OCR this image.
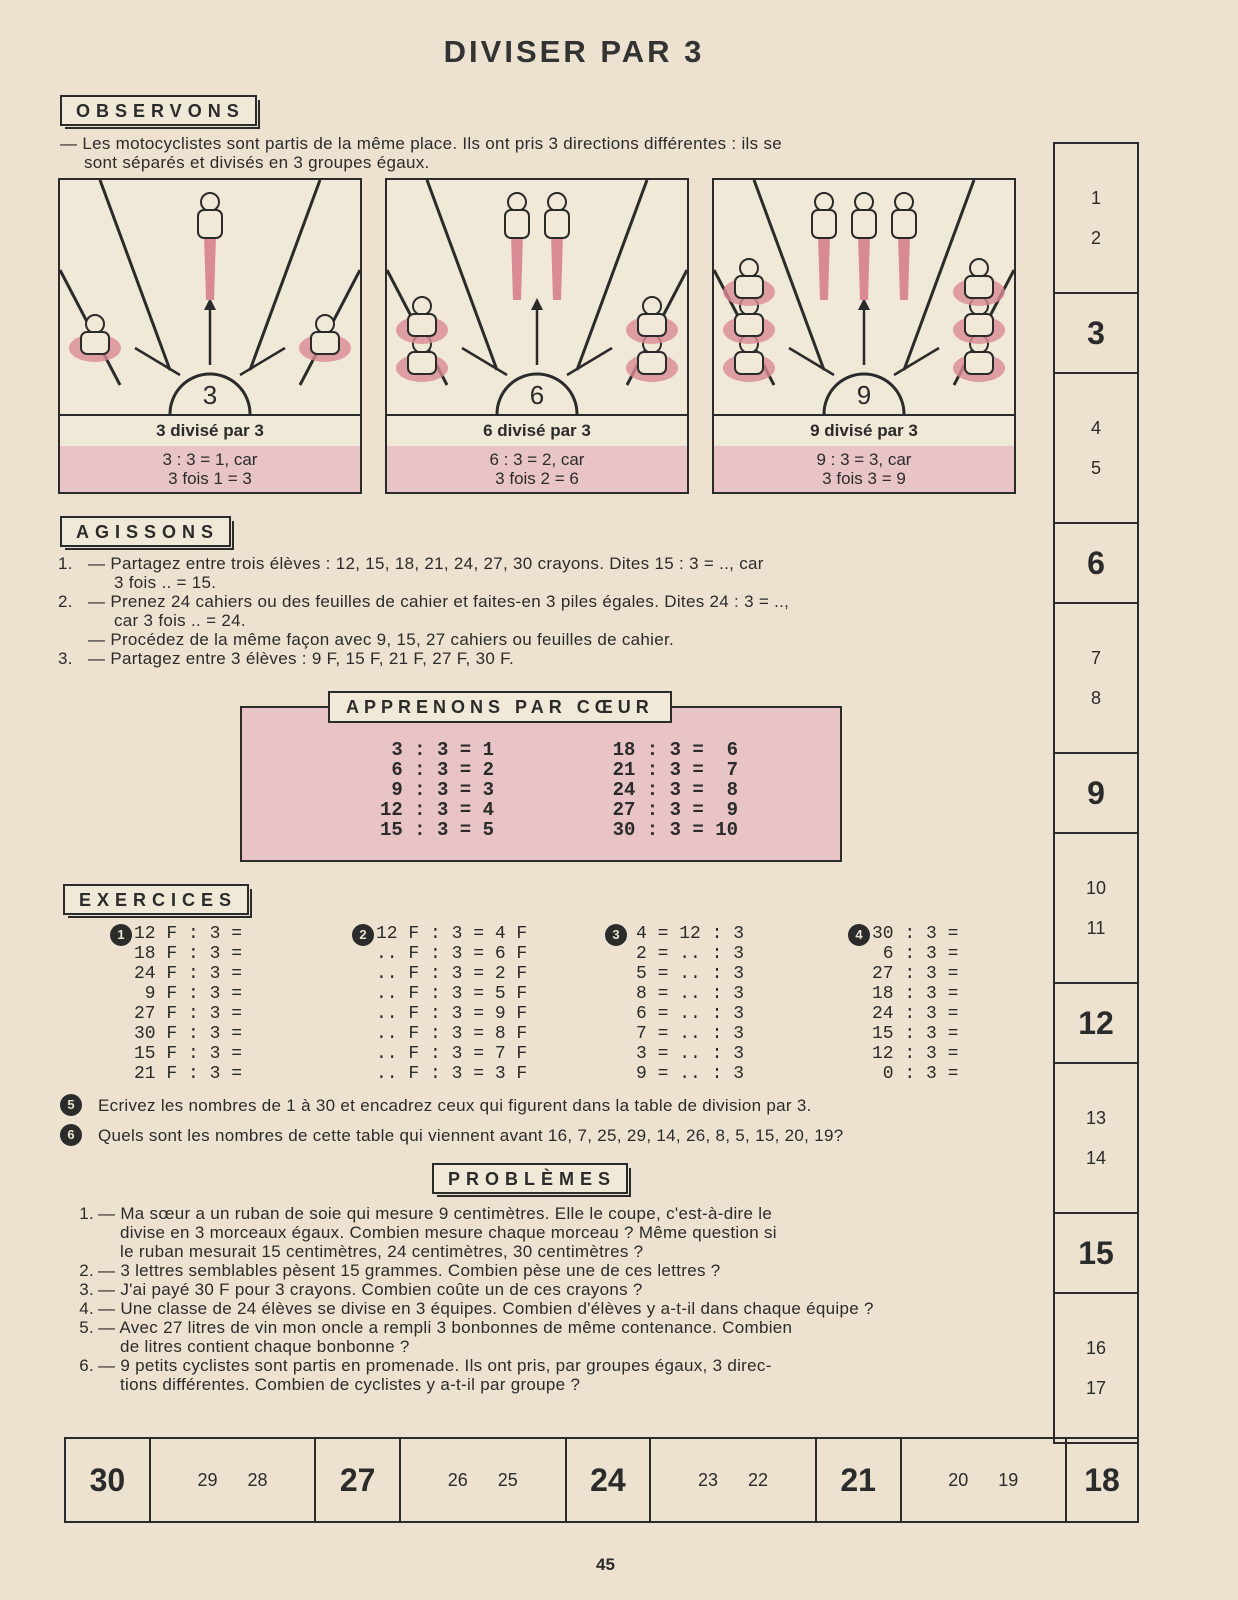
DIVISER PAR 3
OBSERVONS
— Les motocyclistes sont partis de la même place. Ils ont pris 3 directions différentes : ils se
sont séparés et divisés en 3 groupes égaux.
3
3 divisé par 3
3 : 3 = 1, car
3 fois 1 = 3
6
6 divisé par 3
6 : 3 = 2, car
3 fois 2 = 6
9
9 divisé par 3
9 : 3 = 3, car
3 fois 3 = 9
AGISSONS
1. — Partagez entre trois élèves : 12, 15, 18, 21, 24, 27, 30 crayons. Dites 15 : 3 = .., car
3 fois .. = 15.
2. — Prenez 24 cahiers ou des feuilles de cahier et faites-en 3 piles égales. Dites 24 : 3 = ..,
car 3 fois .. = 24.
— Procédez de la même façon avec 9, 15, 27 cahiers ou feuilles de cahier.
3. — Partagez entre 3 élèves : 9 F, 15 F, 21 F, 27 F, 30 F.
APPRENONS PAR CŒUR
3 : 3 = 1
6 : 3 = 2
9 : 3 = 3
12 : 3 = 4
15 : 3 = 5
18 : 3 =  6
21 : 3 =  7
24 : 3 =  8
27 : 3 =  9
30 : 3 = 10
EXERCICES
1 12 F : 3 =
18 F : 3 =
24 F : 3 =
9 F : 3 =
27 F : 3 =
30 F : 3 =
15 F : 3 =
21 F : 3 =
2 12 F : 3 = 4 F
.. F : 3 = 6 F
.. F : 3 = 2 F
.. F : 3 = 5 F
.. F : 3 = 9 F
.. F : 3 = 8 F
.. F : 3 = 7 F
.. F : 3 = 3 F
3 4 = 12 : 3
2 = .. : 3
5 = .. : 3
8 = .. : 3
6 = .. : 3
7 = .. : 3
3 = .. : 3
9 = .. : 3
4 30 : 3 =
6 : 3 =
27 : 3 =
18 : 3 =
24 : 3 =
15 : 3 =
12 : 3 =
0 : 3 =
5	Ecrivez les nombres de 1 à 30 et encadrez ceux qui figurent dans la table de division par 3.
6	Quels sont les nombres de cette table qui viennent avant 16, 7, 25, 29, 14, 26, 8, 5, 15, 20, 19?
PROBLÈMES
1. — Ma sœur a un ruban de soie qui mesure 9 centimètres. Elle le coupe, c'est-à-dire le
divise en 3 morceaux égaux. Combien mesure chaque morceau ? Même question si
le ruban mesurait 15 centimètres, 24 centimètres, 30 centimètres ?
2. — 3 lettres semblables pèsent 15 grammes. Combien pèse une de ces lettres ?
3. — J'ai payé 30 F pour 3 crayons. Combien coûte un de ces crayons ?
4. — Une classe de 24 élèves se divise en 3 équipes. Combien d'élèves y a-t-il dans chaque équipe ?
5. — Avec 27 litres de vin mon oncle a rempli 3 bonbonnes de même contenance. Combien
de litres contient chaque bonbonne ?
6. — 9 petits cyclistes sont partis en promenade. Ils ont pris, par groupes égaux, 3 direc-
tions différentes. Combien de cyclistes y a-t-il par groupe ?
1
2
3
4
5
6
7
8
9
10
11
12
13
14
15
16
17
30	29 28 27	26 25 24	23 22 21	20 19 18
45
